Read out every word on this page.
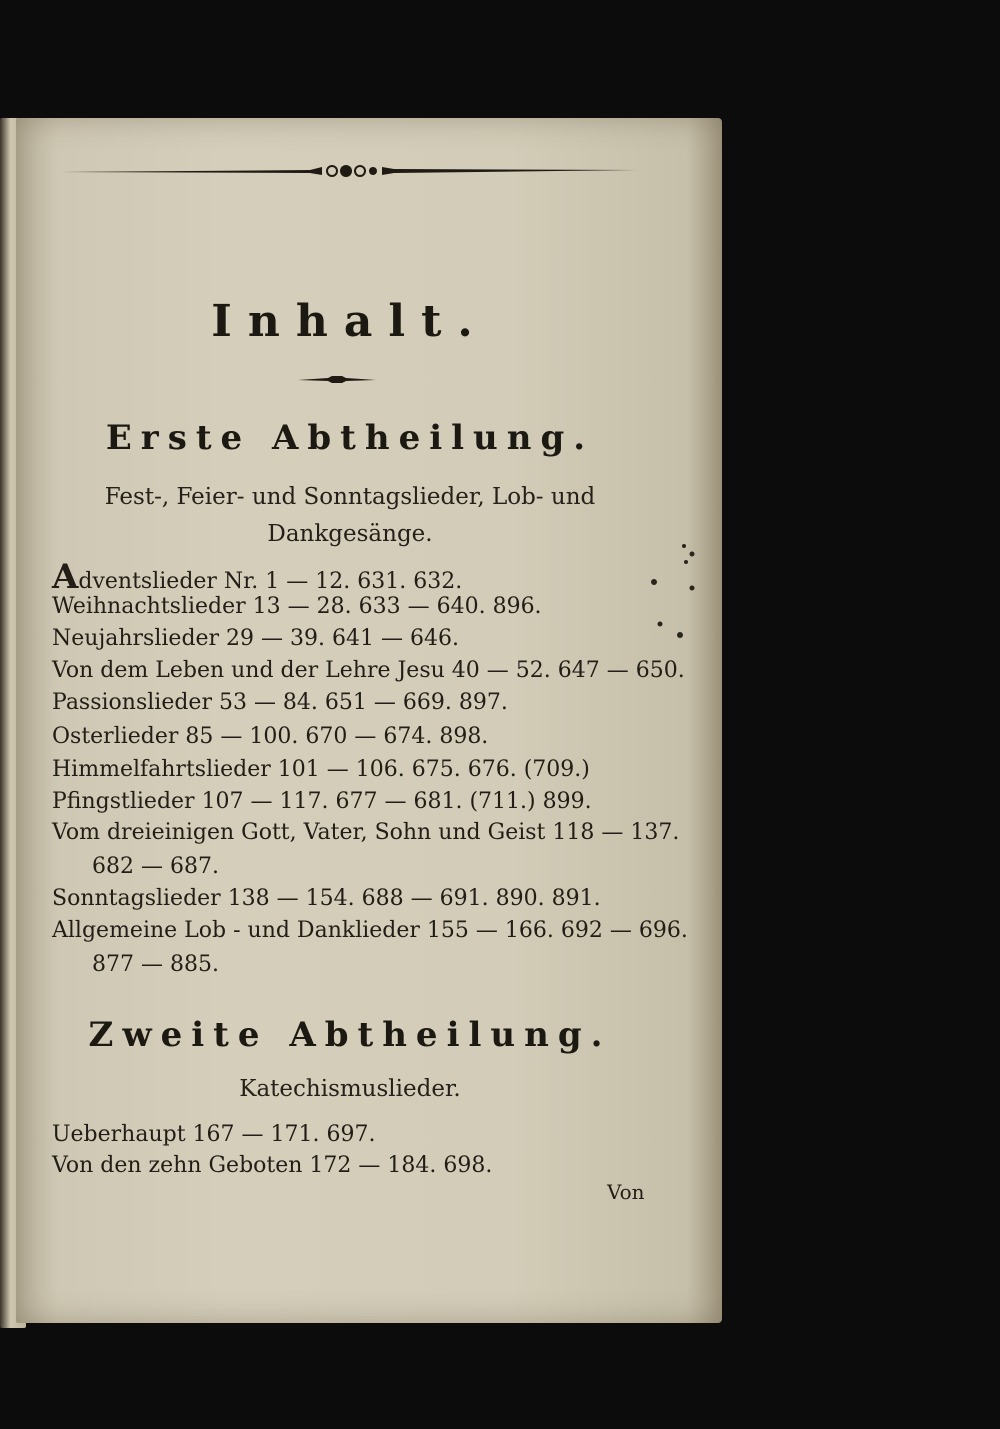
Inhalt.
Erste Abtheilung.
Fest-, Feier- und Sonntagslieder, Lob- und
Dankgesänge.
Adventslieder Nr. 1 — 12. 631. 632.
Weihnachtslieder 13 — 28. 633 — 640. 896.
Neujahrslieder 29 — 39. 641 — 646.
Von dem Leben und der Lehre Jesu 40 — 52. 647 — 650.
Passionslieder 53 — 84. 651 — 669. 897.
Osterlieder 85 — 100. 670 — 674. 898.
Himmelfahrtslieder 101 — 106. 675. 676. (709.)
Pfingstlieder 107 — 117. 677 — 681. (711.) 899.
Vom dreieinigen Gott, Vater, Sohn und Geist 118 — 137.
682 — 687.
Sonntagslieder 138 — 154. 688 — 691. 890. 891.
Allgemeine Lob - und Danklieder 155 — 166. 692 — 696.
877 — 885.
Zweite Abtheilung.
Katechismuslieder.
Ueberhaupt 167 — 171. 697.
Von den zehn Geboten 172 — 184. 698.
Von
